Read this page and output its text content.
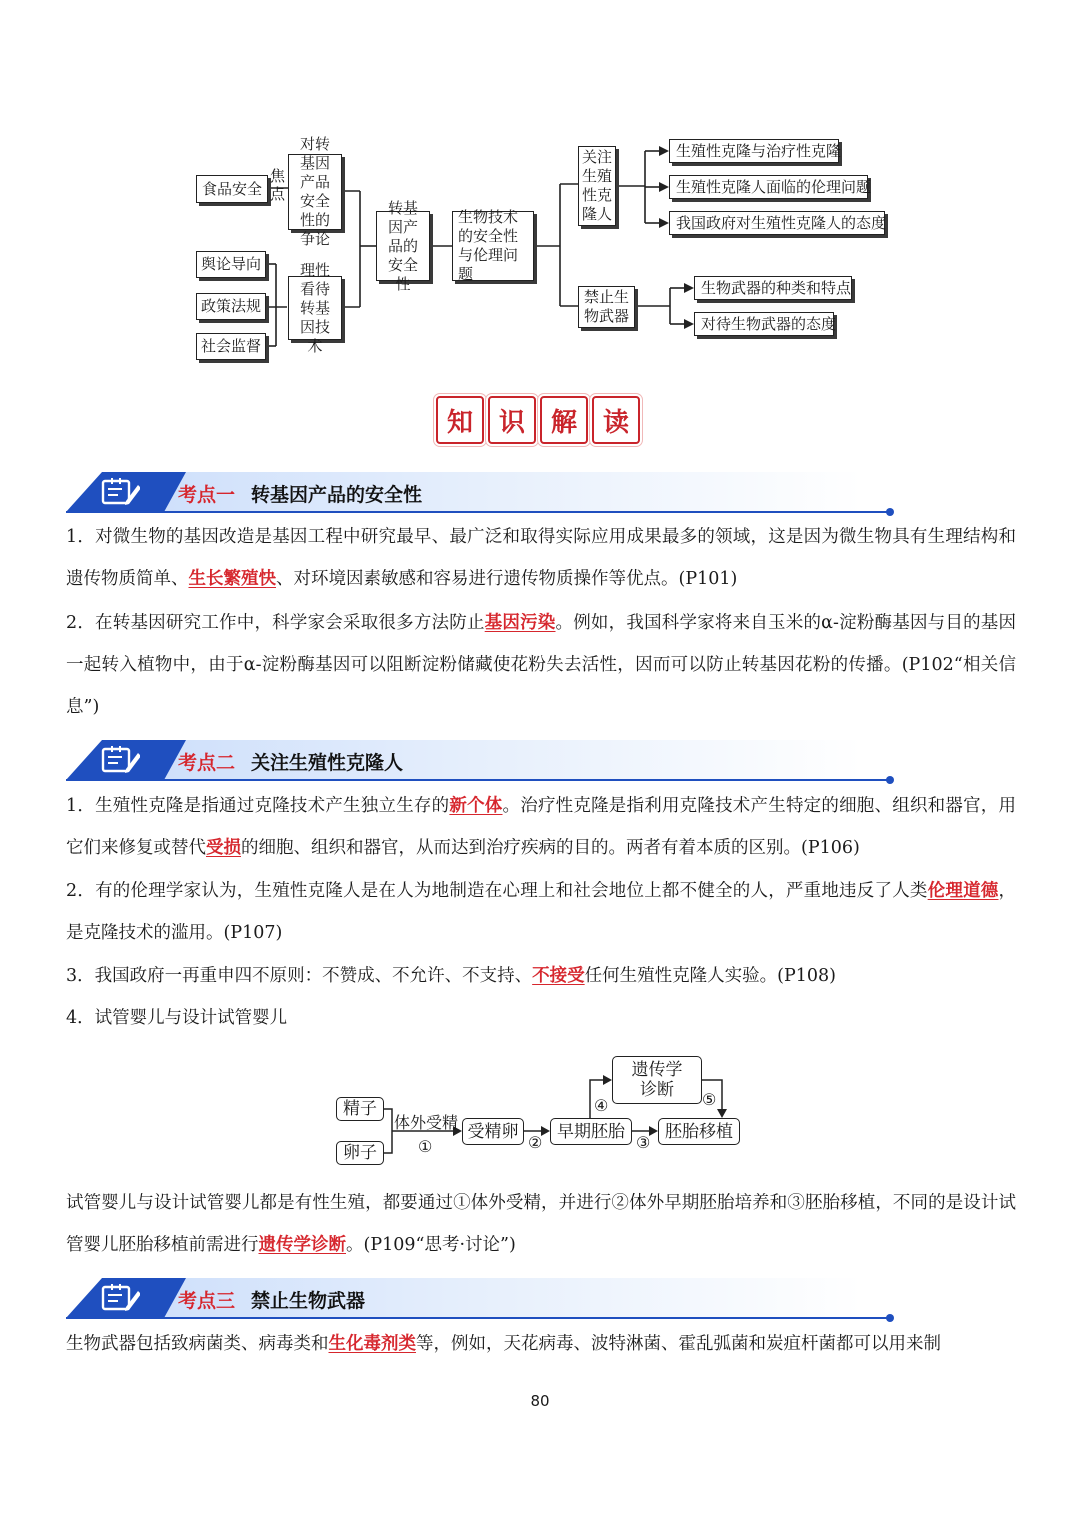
食品安全
焦点
对转基因产品安全性的争论
舆论导向
政策法规
社会监督
理性看待转基因技术
转基因产品的安全性
生物技术的安全性与伦理问题
关注生殖性克隆人
生殖性克隆与治疗性克隆
生殖性克隆人面临的伦理问题
我国政府对生殖性克隆人的态度
禁止生物武器
生物武器的种类和特点
对待生物武器的态度
知 识 解 读
考点一 转基因产品的安全性
1．对微生物的基因改造是基因工程中研究最早、最广泛和取得实际应用成果最多的领域，这是因为微生物具有生理结构和遗传物质简单、生长繁殖快、对环境因素敏感和容易进行遗传物质操作等优点。(P101)
2．在转基因研究工作中，科学家会采取很多方法防止基因污染。例如，我国科学家将来自玉米的α-淀粉酶基因与目的基因一起转入植物中，由于α-淀粉酶基因可以阻断淀粉储藏使花粉失去活性，因而可以防止转基因花粉的传播。(P102“相关信息”)
考点二 关注生殖性克隆人
1．生殖性克隆是指通过克隆技术产生独立生存的新个体。治疗性克隆是指利用克隆技术产生特定的细胞、组织和器官，用它们来修复或替代受损的细胞、组织和器官，从而达到治疗疾病的目的。两者有着本质的区别。(P106)
2．有的伦理学家认为，生殖性克隆人是在人为地制造在心理上和社会地位上都不健全的人，严重地违反了人类伦理道德，是克隆技术的滥用。(P107)
3．我国政府一再重申四不原则：不赞成、不允许、不支持、不接受任何生殖性克隆人实验。(P108)
4．试管婴儿与设计试管婴儿
精子
卵子
体外受精
①
受精卵
②
早期胚胎
③
胚胎移植
遗传学诊断
④	⑤
试管婴儿与设计试管婴儿都是有性生殖，都要通过①体外受精，并进行②体外早期胚胎培养和③胚胎移植，不同的是设计试管婴儿胚胎移植前需进行遗传学诊断。(P109“思考·讨论”)
考点三 禁止生物武器
生物武器包括致病菌类、病毒类和生化毒剂类等，例如，天花病毒、波特淋菌、霍乱弧菌和炭疽杆菌都可以用来制
80
